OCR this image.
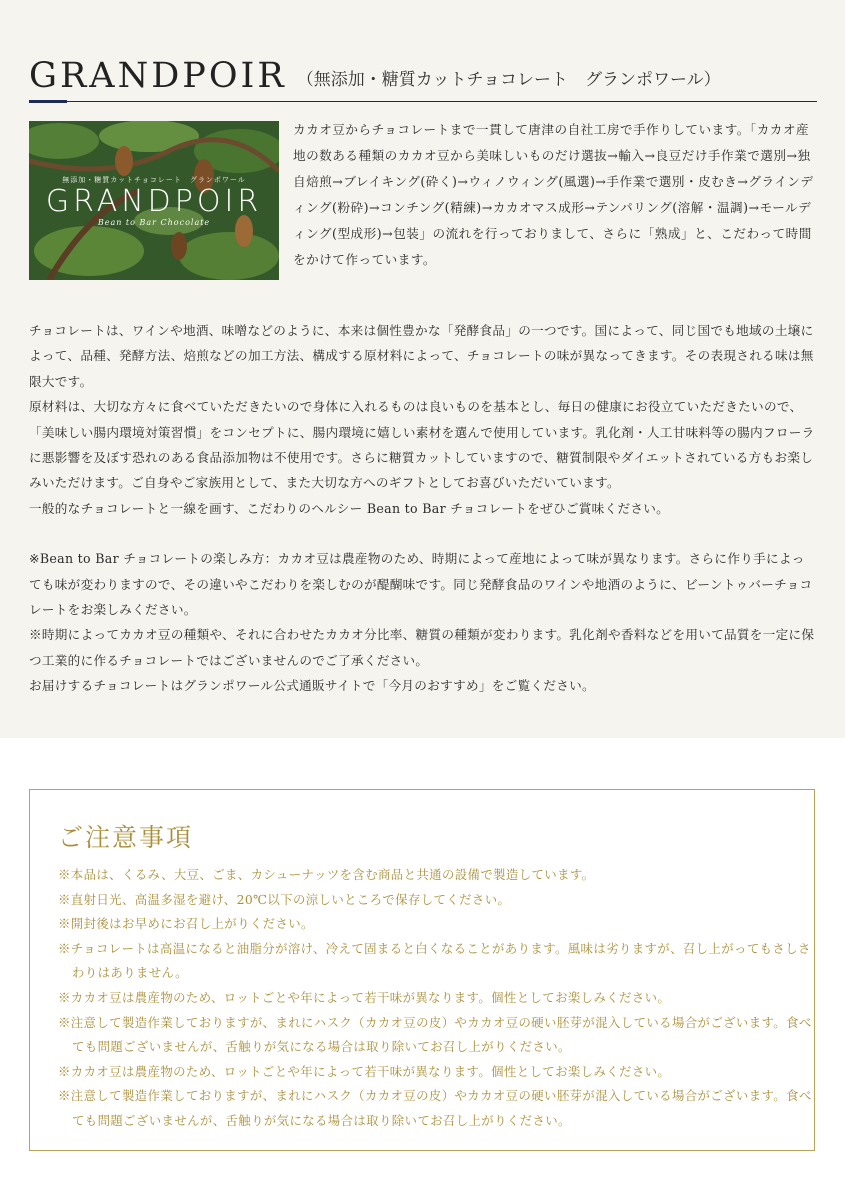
GRANDPOIR （無添加・糖質カットチョコレート　グランポワール）
無添加・糖質カットチョコレート　グランポワール
GRANDPOIR
Bean to Bar Chocolate

カカオ豆からチョコレートまで一貫して唐津の自社工房で手作りしています。「カカオ産地の数ある種類のカカオ豆から美味しいものだけ選抜→輸入→良豆だけ手作業で選別→独自焙煎→ブレイキング(砕く)→ウィノウィング(風選)→手作業で選別・皮むき→グラインディング(粉砕)→コンチング(精練)→カカオマス成形→テンパリング(溶解・温調)→モールディング(型成形)→包装」の流れを行っておりまして、さらに「熟成」と、こだわって時間をかけて作っています。

チョコレートは、ワインや地酒、味噌などのように、本来は個性豊かな「発酵食品」の一つです。国によって、同じ国でも地域の土壌によって、品種、発酵方法、焙煎などの加工方法、構成する原材料によって、チョコレートの味が異なってきます。その表現される味は無限大です。

原材料は、大切な方々に食べていただきたいので身体に入れるものは良いものを基本とし、毎日の健康にお役立ていただきたいので、「美味しい腸内環境対策習慣」をコンセプトに、腸内環境に嬉しい素材を選んで使用しています。乳化剤・人工甘味料等の腸内フローラに悪影響を及ぼす恐れのある食品添加物は不使用です。さらに糖質カットしていますので、糖質制限やダイエットされている方もお楽しみいただけます。ご自身やご家族用として、また大切な方へのギフトとしてお喜びいただいています。

一般的なチョコレートと一線を画す、こだわりのヘルシー Bean to Bar チョコレートをぜひご賞味ください。

※Bean to Bar チョコレートの楽しみ方：カカオ豆は農産物のため、時期によって産地によって味が異なります。さらに作り手によっても味が変わりますので、その違いやこだわりを楽しむのが醍醐味です。同じ発酵食品のワインや地酒のように、ビーントゥバーチョコレートをお楽しみください。

※時期によってカカオ豆の種類や、それに合わせたカカオ分比率、糖質の種類が変わります。乳化剤や香料などを用いて品質を一定に保つ工業的に作るチョコレートではございませんのでご了承ください。

お届けするチョコレートはグランポワール公式通販サイトで「今月のおすすめ」をご覧ください。

ご注意事項
※本品は、くるみ、大豆、ごま、カシューナッツを含む商品と共通の設備で製造しています。
※直射日光、高温多湿を避け、20℃以下の涼しいところで保存してください。
※開封後はお早めにお召し上がりください。
※チョコレートは高温になると油脂分が溶け、冷えて固まると白くなることがあります。風味は劣りますが、召し上がってもさしさわりはありません。
※カカオ豆は農産物のため、ロットごとや年によって若干味が異なります。個性としてお楽しみください。
※注意して製造作業しておりますが、まれにハスク（カカオ豆の皮）やカカオ豆の硬い胚芽が混入している場合がございます。食べても問題ございませんが、舌触りが気になる場合は取り除いてお召し上がりください。
※カカオ豆は農産物のため、ロットごとや年によって若干味が異なります。個性としてお楽しみください。
※注意して製造作業しておりますが、まれにハスク（カカオ豆の皮）やカカオ豆の硬い胚芽が混入している場合がございます。食べても問題ございませんが、舌触りが気になる場合は取り除いてお召し上がりください。
